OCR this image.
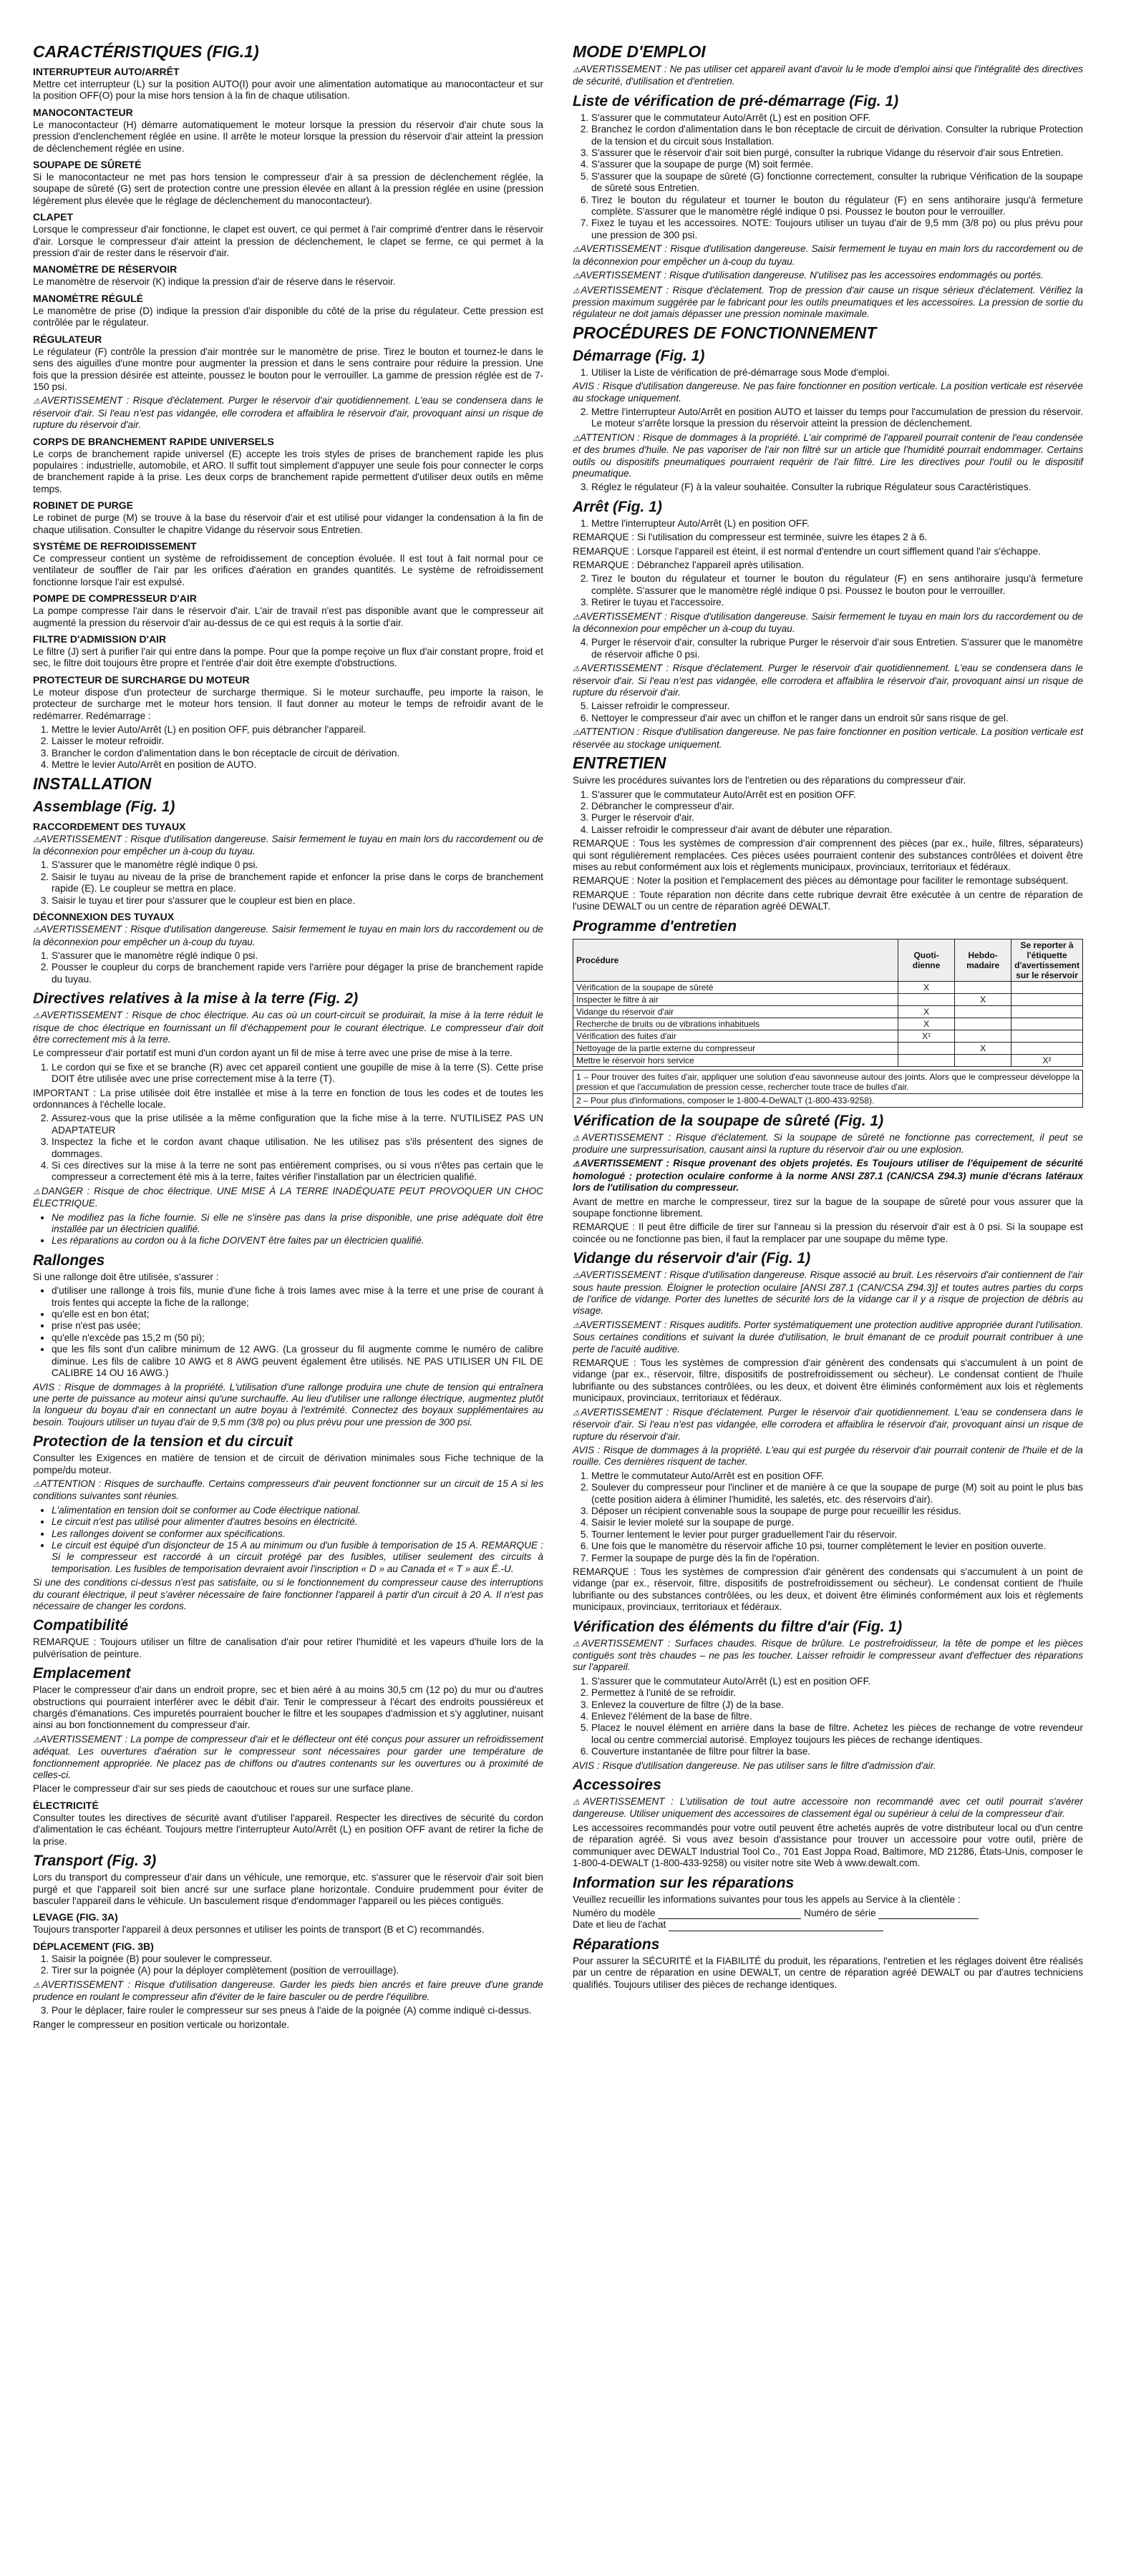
CARACTÉRISTIQUES (FIG.1)
INTERRUPTEUR AUTO/ARRÊT
Mettre cet interrupteur (L) sur la position AUTO(I) pour avoir une alimentation automatique au manocontacteur et sur la position OFF(O) pour la mise hors tension à la fin de chaque utilisation.
MANOCONTACTEUR
Le manocontacteur (H) démarre automatiquement le moteur lorsque la pression du réservoir d'air chute sous la pression d'enclenchement réglée en usine. Il arrête le moteur lorsque la pression du réservoir d'air atteint la pression de déclenchement réglée en usine.
SOUPAPE DE SÛRETÉ
Si le manocontacteur ne met pas hors tension le compresseur d'air à sa pression de déclenchement réglée, la soupape de sûreté (G) sert de protection contre une pression élevée en allant à la pression réglée en usine (pression légèrement plus élevée que le réglage de déclenchement du manocontacteur).
CLAPET
Lorsque le compresseur d'air fonctionne, le clapet est ouvert, ce qui permet à l'air comprimé d'entrer dans le réservoir d'air. Lorsque le compresseur d'air atteint la pression de déclenchement, le clapet se ferme, ce qui permet à la pression d'air de rester dans le réservoir d'air.
MANOMÈTRE DE RÉSERVOIR
Le manomètre de réservoir (K) indique la pression d'air de réserve dans le réservoir.
MANOMÈTRE RÉGULÉ
Le manomètre de prise (D) indique la pression d'air disponible du côté de la prise du régulateur. Cette pression est contrôlée par le régulateur.
RÉGULATEUR
Le régulateur (F) contrôle la pression d'air montrée sur le manomètre de prise. Tirez le bouton et tournez-le dans le sens des aiguilles d'une montre pour augmenter la pression et dans le sens contraire pour réduire la pression. Une fois que la pression désirée est atteinte, poussez le bouton pour le verrouiller. La gamme de pression réglée est de 7-150 psi.
⚠AVERTISSEMENT : Risque d'éclatement. Purger le réservoir d'air quotidiennement. L'eau se condensera dans le réservoir d'air. Si l'eau n'est pas vidangée, elle corrodera et affaiblira le réservoir d'air, provoquant ainsi un risque de rupture du réservoir d'air.
CORPS DE BRANCHEMENT RAPIDE UNIVERSELS
Le corps de branchement rapide universel (E) accepte les trois styles de prises de branchement rapide les plus populaires : industrielle, automobile, et ARO. Il suffit tout simplement d'appuyer une seule fois pour connecter le corps de branchement rapide à la prise. Les deux corps de branchement rapide permettent d'utiliser deux outils en même temps.
ROBINET DE PURGE
Le robinet de purge (M) se trouve à la base du réservoir d'air et est utilisé pour vidanger la condensation à la fin de chaque utilisation. Consulter le chapitre Vidange du réservoir sous Entretien.
SYSTÈME DE REFROIDISSEMENT
Ce compresseur contient un système de refroidissement de conception évoluée. Il est tout à fait normal pour ce ventilateur de souffler de l'air par les orifices d'aération en grandes quantités. Le système de refroidissement fonctionne lorsque l'air est expulsé.
POMPE DE COMPRESSEUR D'AIR
La pompe compresse l'air dans le réservoir d'air. L'air de travail n'est pas disponible avant que le compresseur ait augmenté la pression du réservoir d'air au-dessus de ce qui est requis à la sortie d'air.
FILTRE D'ADMISSION D'AIR
Le filtre (J) sert à purifier l'air qui entre dans la pompe. Pour que la pompe reçoive un flux d'air constant propre, froid et sec, le filtre doit toujours être propre et l'entrée d'air doit être exempte d'obstructions.
PROTECTEUR DE SURCHARGE DU MOTEUR
Le moteur dispose d'un protecteur de surcharge thermique. Si le moteur surchauffe, peu importe la raison, le protecteur de surcharge met le moteur hors tension. Il faut donner au moteur le temps de refroidir avant de le redémarrer. Redémarrage :
1. Mettre le levier Auto/Arrêt (L) en position OFF, puis débrancher l'appareil.
2. Laisser le moteur refroidir.
3. Brancher le cordon d'alimentation dans le bon réceptacle de circuit de dérivation.
4. Mettre le levier Auto/Arrêt en position de AUTO.
INSTALLATION
Assemblage (Fig. 1)
RACCORDEMENT DES TUYAUX
⚠AVERTISSEMENT : Risque d'utilisation dangereuse. Saisir fermement le tuyau en main lors du raccordement ou de la déconnexion pour empêcher un à-coup du tuyau.
1. S'assurer que le manomètre réglé indique 0 psi.
2. Saisir le tuyau au niveau de la prise de branchement rapide et enfoncer la prise dans le corps de branchement rapide (E). Le coupleur se mettra en place.
3. Saisir le tuyau et tirer pour s'assurer que le coupleur est bien en place.
DÉCONNEXION DES TUYAUX
⚠AVERTISSEMENT : Risque d'utilisation dangereuse. Saisir fermement le tuyau en main lors du raccordement ou de la déconnexion pour empêcher un à-coup du tuyau.
1. S'assurer que le manomètre réglé indique 0 psi.
2. Pousser le coupleur du corps de branchement rapide vers l'arrière pour dégager la prise de branchement rapide du tuyau.
Directives relatives à la mise à la terre (Fig. 2)
⚠AVERTISSEMENT : Risque de choc électrique. Au cas où un court-circuit se produirait, la mise à la terre réduit le risque de choc électrique en fournissant un fil d'échappement pour le courant électrique. Le compresseur d'air doit être correctement mis à la terre.
Le compresseur d'air portatif est muni d'un cordon ayant un fil de mise à terre avec une prise de mise à la terre.
1. Le cordon qui se fixe et se branche (R) avec cet appareil contient une goupille de mise à la terre (S). Cette prise DOIT être utilisée avec une prise correctement mise à la terre (T).
IMPORTANT : La prise utilisée doit être installée et mise à la terre en fonction de tous les codes et de toutes les ordonnances à l'échelle locale.
2. Assurez-vous que la prise utilisée a la même configuration que la fiche mise à la terre. N'UTILISEZ PAS UN ADAPTATEUR
3. Inspectez la fiche et le cordon avant chaque utilisation. Ne les utilisez pas s'ils présentent des signes de dommages.
4. Si ces directives sur la mise à la terre ne sont pas entièrement comprises, ou si vous n'êtes pas certain que le compresseur a correctement été mis à la terre, faites vérifier l'installation par un électricien qualifié.
⚠DANGER : Risque de choc électrique. UNE MISE À LA TERRE INADÉQUATE PEUT PROVOQUER UN CHOC ÉLECTRIQUE.
• Ne modifiez pas la fiche fournie. Si elle ne s'insère pas dans la prise disponible, une prise adéquate doit être installée par un électricien qualifié.
• Les réparations au cordon ou à la fiche DOIVENT être faites par un électricien qualifié.
Rallonges
Si une rallonge doit être utilisée, s'assurer :
• d'utiliser une rallonge à trois fils, munie d'une fiche à trois lames avec mise à la terre et une prise de courant à trois fentes qui accepte la fiche de la rallonge;
• qu'elle est en bon état;
• prise n'est pas usée;
• qu'elle n'excède pas 15,2 m (50 pi);
• que les fils sont d'un calibre minimum de 12 AWG. (La grosseur du fil augmente comme le numéro de calibre diminue. Les fils de calibre 10 AWG et 8 AWG peuvent également être utilisés. NE PAS UTILISER UN FIL DE CALIBRE 14 OU 16 AWG.)
AVIS : Risque de dommages à la propriété. L'utilisation d'une rallonge produira une chute de tension qui entraînera une perte de puissance au moteur ainsi qu'une surchauffe. Au lieu d'utiliser une rallonge électrique, augmentez plutôt la longueur du boyau d'air en connectant un autre boyau à l'extrémité. Connectez des boyaux supplémentaires au besoin. Toujours utiliser un tuyau d'air de 9,5 mm (3/8 po) ou plus prévu pour une pression de 300 psi.
Protection de la tension et du circuit
Consulter les Exigences en matière de tension et de circuit de dérivation minimales sous Fiche technique de la pompe/du moteur.
⚠ATTENTION : Risques de surchauffe. Certains compresseurs d'air peuvent fonctionner sur un circuit de 15 A si les conditions suivantes sont réunies.
• L'alimentation en tension doit se conformer au Code électrique national.
• Le circuit n'est pas utilisé pour alimenter d'autres besoins en électricité.
• Les rallonges doivent se conformer aux spécifications.
• Le circuit est équipé d'un disjoncteur de 15 A au minimum ou d'un fusible à temporisation de 15 A. REMARQUE : Si le compresseur est raccordé à un circuit protégé par des fusibles, utiliser seulement des circuits à temporisation. Les fusibles de temporisation devraient avoir l'inscription « D » au Canada et « T » aux É.-U.
Si une des conditions ci-dessus n'est pas satisfaite, ou si le fonctionnement du compresseur cause des interruptions du courant électrique, il peut s'avérer nécessaire de faire fonctionner l'appareil à partir d'un circuit à 20 A. Il n'est pas nécessaire de changer les cordons.
Compatibilité
REMARQUE : Toujours utiliser un filtre de canalisation d'air pour retirer l'humidité et les vapeurs d'huile lors de la pulvérisation de peinture.
Emplacement
Placer le compresseur d'air dans un endroit propre, sec et bien aéré à au moins 30,5 cm (12 po) du mur ou d'autres obstructions qui pourraient interférer avec le débit d'air. Tenir le compresseur à l'écart des endroits poussiéreux et chargés d'émanations. Ces impuretés pourraient boucher le filtre et les soupapes d'admission et s'y agglutiner, nuisant ainsi au bon fonctionnement du compresseur d'air.
⚠AVERTISSEMENT : La pompe de compresseur d'air et le déflecteur ont été conçus pour assurer un refroidissement adéquat. Les ouvertures d'aération sur le compresseur sont nécessaires pour garder une température de fonctionnement appropriée. Ne placez pas de chiffons ou d'autres contenants sur les ouvertures ou à proximité de celles-ci.
Placer le compresseur d'air sur ses pieds de caoutchouc et roues sur une surface plane.
ÉLECTRICITÉ
Consulter toutes les directives de sécurité avant d'utiliser l'appareil. Respecter les directives de sécurité du cordon d'alimentation le cas échéant. Toujours mettre l'interrupteur Auto/Arrêt (L) en position OFF avant de retirer la fiche de la prise.
Transport (Fig. 3)
Lors du transport du compresseur d'air dans un véhicule, une remorque, etc. s'assurer que le réservoir d'air soit bien purgé et que l'appareil soit bien ancré sur une surface plane horizontale. Conduire prudemment pour éviter de basculer l'appareil dans le véhicule. Un basculement risque d'endommager l'appareil ou les pièces contiguës.
LEVAGE (FIG. 3A)
Toujours transporter l'appareil à deux personnes et utiliser les points de transport (B et C) recommandés.
DÉPLACEMENT (FIG. 3B)
1. Saisir la poignée (B) pour soulever le compresseur.
2. Tirer sur la poignée (A) pour la déployer complètement (position de verrouillage).
⚠AVERTISSEMENT : Risque d'utilisation dangereuse. Garder les pieds bien ancrés et faire preuve d'une grande prudence en roulant le compresseur afin d'éviter de le faire basculer ou de perdre l'équilibre.
3. Pour le déplacer, faire rouler le compresseur sur ses pneus à l'aide de la poignée (A) comme indiqué ci-dessus.
Ranger le compresseur en position verticale ou horizontale.
MODE D'EMPLOI
⚠AVERTISSEMENT : Ne pas utiliser cet appareil avant d'avoir lu le mode d'emploi ainsi que l'intégralité des directives de sécurité, d'utilisation et d'entretien.
Liste de vérification de pré-démarrage (Fig. 1)
1. S'assurer que le commutateur Auto/Arrêt (L) est en position OFF.
2. Branchez le cordon d'alimentation dans le bon réceptacle de circuit de dérivation. Consulter la rubrique Protection de la tension et du circuit sous Installation.
3. S'assurer que le réservoir d'air soit bien purgé, consulter la rubrique Vidange du réservoir d'air sous Entretien.
4. S'assurer que la soupape de purge (M) soit fermée.
5. S'assurer que la soupape de sûreté (G) fonctionne correctement, consulter la rubrique Vérification de la soupape de sûreté sous Entretien.
6. Tirez le bouton du régulateur et tourner le bouton du régulateur (F) en sens antihoraire jusqu'à fermeture complète. S'assurer que le manomètre réglé indique 0 psi. Poussez le bouton pour le verrouiller.
7. Fixez le tuyau et les accessoires. NOTE: Toujours utiliser un tuyau d'air de 9,5 mm (3/8 po) ou plus prévu pour une pression de 300 psi.
⚠AVERTISSEMENT : Risque d'utilisation dangereuse. Saisir fermement le tuyau en main lors du raccordement ou de la déconnexion pour empêcher un à-coup du tuyau.
⚠AVERTISSEMENT : Risque d'utilisation dangereuse. N'utilisez pas les accessoires endommagés ou portés.
⚠AVERTISSEMENT : Risque d'éclatement. Trop de pression d'air cause un risque sérieux d'éclatement. Vérifiez la pression maximum suggérée par le fabricant pour les outils pneumatiques et les accessoires. La pression de sortie du régulateur ne doit jamais dépasser une pression nominale maximale.
PROCÉDURES DE FONCTIONNEMENT
Démarrage (Fig. 1)
1. Utiliser la Liste de vérification de pré-démarrage sous Mode d'emploi.
AVIS : Risque d'utilisation dangereuse. Ne pas faire fonctionner en position verticale. La position verticale est réservée au stockage uniquement.
2. Mettre l'interrupteur Auto/Arrêt en position AUTO et laisser du temps pour l'accumulation de pression du réservoir. Le moteur s'arrête lorsque la pression du réservoir atteint la pression de déclenchement.
⚠ATTENTION : Risque de dommages à la propriété. L'air comprimé de l'appareil pourrait contenir de l'eau condensée et des brumes d'huile. Ne pas vaporiser de l'air non filtré sur un article que l'humidité pourrait endommager. Certains outils ou dispositifs pneumatiques pourraient requérir de l'air filtré. Lire les directives pour l'outil ou le dispositif pneumatique.
3. Réglez le régulateur (F) à la valeur souhaitée. Consulter la rubrique Régulateur sous Caractéristiques.
Arrêt (Fig. 1)
1. Mettre l'interrupteur Auto/Arrêt (L) en position OFF.
REMARQUE : Si l'utilisation du compresseur est terminée, suivre les étapes 2 à 6.
REMARQUE : Lorsque l'appareil est éteint, il est normal d'entendre un court sifflement quand l'air s'échappe.
REMARQUE : Débranchez l'appareil après utilisation.
2. Tirez le bouton du régulateur et tourner le bouton du régulateur (F) en sens antihoraire jusqu'à fermeture complète. S'assurer que le manomètre réglé indique 0 psi. Poussez le bouton pour le verrouiller.
3. Retirer le tuyau et l'accessoire.
⚠AVERTISSEMENT : Risque d'utilisation dangereuse. Saisir fermement le tuyau en main lors du raccordement ou de la déconnexion pour empêcher un à-coup du tuyau.
4. Purger le réservoir d'air, consulter la rubrique Purger le réservoir d'air sous Entretien. S'assurer que le manomètre de réservoir affiche 0 psi.
⚠AVERTISSEMENT : Risque d'éclatement. Purger le réservoir d'air quotidiennement. L'eau se condensera dans le réservoir d'air. Si l'eau n'est pas vidangée, elle corrodera et affaiblira le réservoir d'air, provoquant ainsi un risque de rupture du réservoir d'air.
5. Laisser refroidir le compresseur.
6. Nettoyer le compresseur d'air avec un chiffon et le ranger dans un endroit sûr sans risque de gel.
⚠ATTENTION : Risque d'utilisation dangereuse. Ne pas faire fonctionner en position verticale. La position verticale est réservée au stockage uniquement.
ENTRETIEN
Suivre les procédures suivantes lors de l'entretien ou des réparations du compresseur d'air.
1. S'assurer que le commutateur Auto/Arrêt est en position OFF.
2. Débrancher le compresseur d'air.
3. Purger le réservoir d'air.
4. Laisser refroidir le compresseur d'air avant de débuter une réparation.
REMARQUE : Tous les systèmes de compression d'air comprennent des pièces (par ex., huile, filtres, séparateurs) qui sont régulièrement remplacées. Ces pièces usées pourraient contenir des substances contrôlées et doivent être mises au rebut conformément aux lois et règlements municipaux, provinciaux, territoriaux et fédéraux.
REMARQUE : Noter la position et l'emplacement des pièces au démontage pour faciliter le remontage subséquent.
REMARQUE : Toute réparation non décrite dans cette rubrique devrait être exécutée à un centre de réparation de l'usine DEWALT ou un centre de réparation agréé DEWALT.
Programme d'entretien
Procédure	Quoti-dienne	Hebdo-madaire	Se reporter à l'étiquette d'avertissement sur le réservoir
Vérification de la soupape de sûreté	X		
Inspecter le filtre à air		X	
Vidange du réservoir d'air	X		
Recherche de bruits ou de vibrations inhabituels	X		
Vérification des fuites d'air	X¹		
Nettoyage de la partie externe du compresseur		X	
Mettre le réservoir hors service			X²
1 – Pour trouver des fuites d'air, appliquer une solution d'eau savonneuse autour des joints. Alors que le compresseur développe la pression et que l'accumulation de pression cesse, rechercher toute trace de bulles d'air.
2 – Pour plus d'informations, composer le 1-800-4-DeWALT (1-800-433-9258).
Vérification de la soupape de sûreté (Fig. 1)
⚠AVERTISSEMENT : Risque d'éclatement. Si la soupape de sûreté ne fonctionne pas correctement, il peut se produire une surpressurisation, causant ainsi la rupture du réservoir d'air ou une explosion.
⚠AVERTISSEMENT : Risque provenant des objets projetés. Es Toujours utiliser de l'équipement de sécurité homologué : protection oculaire conforme à la norme ANSI Z87.1 (CAN/CSA Z94.3) munie d'écrans latéraux lors de l'utilisation du compresseur.
Avant de mettre en marche le compresseur, tirez sur la bague de la soupape de sûreté pour vous assurer que la soupape fonctionne librement.
REMARQUE : Il peut être difficile de tirer sur l'anneau si la pression du réservoir d'air est à 0 psi. Si la soupape est coincée ou ne fonctionne pas bien, il faut la remplacer par une soupape du même type.
Vidange du réservoir d'air (Fig. 1)
⚠AVERTISSEMENT : Risque d'utilisation dangereuse. Risque associé au bruit. Les réservoirs d'air contiennent de l'air sous haute pression. Éloigner le protection oculaire [ANSI Z87.1 (CAN/CSA Z94.3)] et toutes autres parties du corps de l'orifice de vidange. Porter des lunettes de sécurité lors de la vidange car il y a risque de projection de débris au visage.
⚠AVERTISSEMENT : Risques auditifs. Porter systématiquement une protection auditive appropriée durant l'utilisation. Sous certaines conditions et suivant la durée d'utilisation, le bruit émanant de ce produit pourrait contribuer à une perte de l'acuité auditive.
REMARQUE : Tous les systèmes de compression d'air génèrent des condensats qui s'accumulent à un point de vidange (par ex., réservoir, filtre, dispositifs de postrefroidissement ou sécheur). Le condensat contient de l'huile lubrifiante ou des substances contrôlées, ou les deux, et doivent être éliminés conformément aux lois et règlements municipaux, provinciaux, territoriaux et fédéraux.
⚠AVERTISSEMENT : Risque d'éclatement. Purger le réservoir d'air quotidiennement. L'eau se condensera dans le réservoir d'air. Si l'eau n'est pas vidangée, elle corrodera et affaiblira le réservoir d'air, provoquant ainsi un risque de rupture du réservoir d'air.
AVIS : Risque de dommages à la propriété. L'eau qui est purgée du réservoir d'air pourrait contenir de l'huile et de la rouille. Ces dernières risquent de tacher.
1. Mettre le commutateur Auto/Arrêt est en position OFF.
2. Soulever du compresseur pour l'incliner et de manière à ce que la soupape de purge (M) soit au point le plus bas (cette position aidera à éliminer l'humidité, les saletés, etc. des réservoirs d'air).
3. Déposer un récipient convenable sous la soupape de purge pour recueillir les résidus.
4. Saisir le levier moleté sur la soupape de purge.
5. Tourner lentement le levier pour purger graduellement l'air du réservoir.
6. Une fois que le manomètre du réservoir affiche 10 psi, tourner complètement le levier en position ouverte.
7. Fermer la soupape de purge dès la fin de l'opération.
REMARQUE : Tous les systèmes de compression d'air génèrent des condensats qui s'accumulent à un point de vidange (par ex., réservoir, filtre, dispositifs de postrefroidissement ou sécheur). Le condensat contient de l'huile lubrifiante ou des substances contrôlées, ou les deux, et doivent être éliminés conformément aux lois et règlements municipaux, provinciaux, territoriaux et fédéraux.
Vérification des éléments du filtre d'air (Fig. 1)
⚠AVERTISSEMENT : Surfaces chaudes. Risque de brûlure. Le postrefroidisseur, la tête de pompe et les pièces contiguës sont très chaudes – ne pas les toucher. Laisser refroidir le compresseur avant d'effectuer des réparations sur l'appareil.
1. S'assurer que le commutateur Auto/Arrêt (L) est en position OFF.
2. Permettez à l'unité de se refroidir.
3. Enlevez la couverture de filtre (J) de la base.
4. Enlevez l'élément de la base de filtre.
5. Placez le nouvel élément en arrière dans la base de filtre. Achetez les pièces de rechange de votre revendeur local ou centre commercial autorisé. Employez toujours les pièces de rechange identiques.
6. Couverture instantanée de filtre pour filtrer la base.
AVIS : Risque d'utilisation dangereuse. Ne pas utiliser sans le filtre d'admission d'air.
Accessoires
⚠AVERTISSEMENT : L'utilisation de tout autre accessoire non recommandé avec cet outil pourrait s'avérer dangereuse. Utiliser uniquement des accessoires de classement égal ou supérieur à celui de la compresseur d'air.
Les accessoires recommandés pour votre outil peuvent être achetés auprès de votre distributeur local ou d'un centre de réparation agréé. Si vous avez besoin d'assistance pour trouver un accessoire pour votre outil, prière de communiquer avec DEWALT Industrial Tool Co., 701 East Joppa Road, Baltimore, MD 21286, États-Unis, composer le 1-800-4-DEWALT (1-800-433-9258) ou visiter notre site Web à www.dewalt.com.
Information sur les réparations
Veuillez recueillir les informations suivantes pour tous les appels au Service à la clientèle :
Numéro du modèle	Numéro de série
Date et lieu de l'achat
Réparations
Pour assurer la SÉCURITÉ et la FIABILITÉ du produit, les réparations, l'entretien et les réglages doivent être réalisés par un centre de réparation en usine DEWALT, un centre de réparation agréé DEWALT ou par d'autres techniciens qualifiés. Toujours utiliser des pièces de rechange identiques.
